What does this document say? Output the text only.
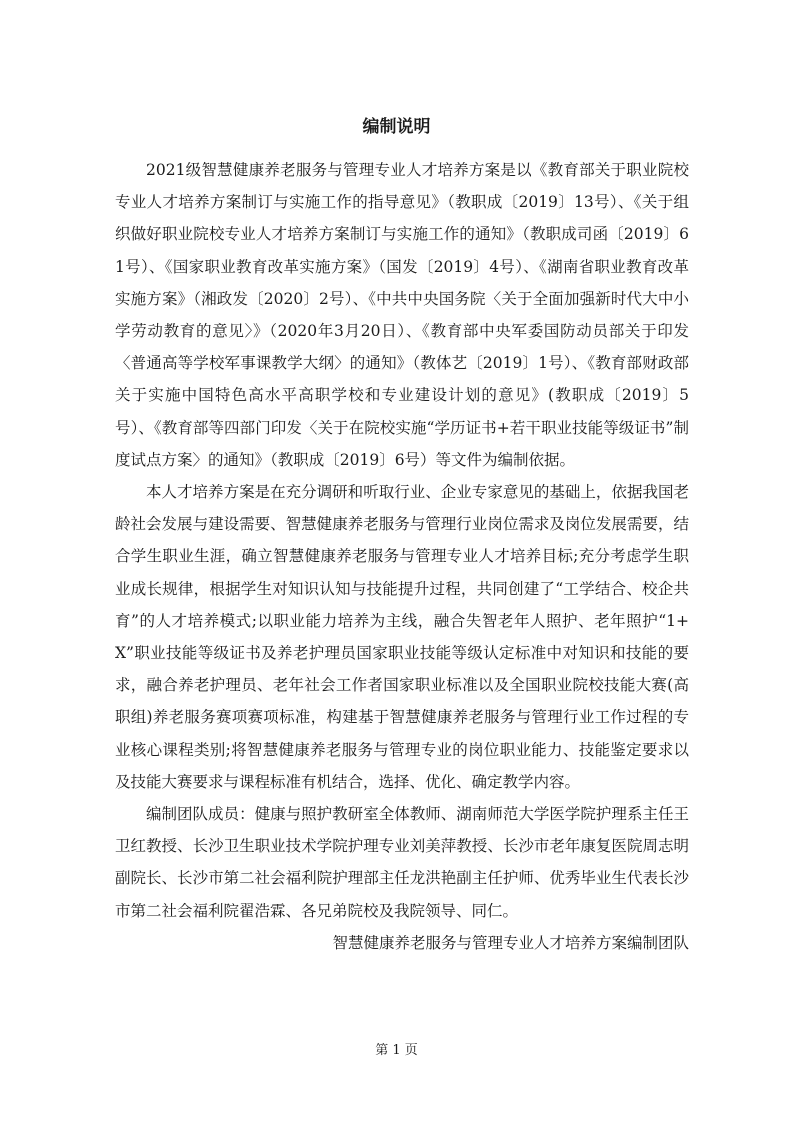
编制说明

2021级智慧健康养老服务与管理专业人才培养方案是以《教育部关于职业院校专业人才培养方案制订与实施工作的指导意见》（教职成〔2019〕13号）、《关于组织做好职业院校专业人才培养方案制订与实施工作的通知》（教职成司函〔2019〕61号）、《国家职业教育改革实施方案》（国发〔2019〕4号）、《湖南省职业教育改革实施方案》（湘政发〔2020〕2号）、《中共中央国务院〈关于全面加强新时代大中小学劳动教育的意见〉》（2020年3月20日）、《教育部中央军委国防动员部关于印发〈普通高等学校军事课教学大纲〉的通知》（教体艺〔2019〕1号）、《教育部财政部关于实施中国特色高水平高职学校和专业建设计划的意见》(教职成〔2019〕5号）、《教育部等四部门印发〈关于在院校实施“学历证书+若干职业技能等级证书”制度试点方案〉的通知》（教职成〔2019〕6号）等文件为编制依据。

本人才培养方案是在充分调研和听取行业、企业专家意见的基础上，依据我国老龄社会发展与建设需要、智慧健康养老服务与管理行业岗位需求及岗位发展需要，结合学生职业生涯，确立智慧健康养老服务与管理专业人才培养目标;充分考虑学生职业成长规律，根据学生对知识认知与技能提升过程，共同创建了“工学结合、校企共育”的人才培养模式;以职业能力培养为主线，融合失智老年人照护、老年照护“1+X”职业技能等级证书及养老护理员国家职业技能等级认定标准中对知识和技能的要求，融合养老护理员、老年社会工作者国家职业标准以及全国职业院校技能大赛(高职组)养老服务赛项赛项标准，构建基于智慧健康养老服务与管理行业工作过程的专业核心课程类别;将智慧健康养老服务与管理专业的岗位职业能力、技能鉴定要求以及技能大赛要求与课程标准有机结合，选择、优化、确定教学内容。

编制团队成员：健康与照护教研室全体教师、湖南师范大学医学院护理系主任王卫红教授、长沙卫生职业技术学院护理专业刘美萍教授、长沙市老年康复医院周志明副院长、长沙市第二社会福利院护理部主任龙洪艳副主任护师、优秀毕业生代表长沙市第二社会福利院翟浩霖、各兄弟院校及我院领导、同仁。

智慧健康养老服务与管理专业人才培养方案编制团队

第 1 页
